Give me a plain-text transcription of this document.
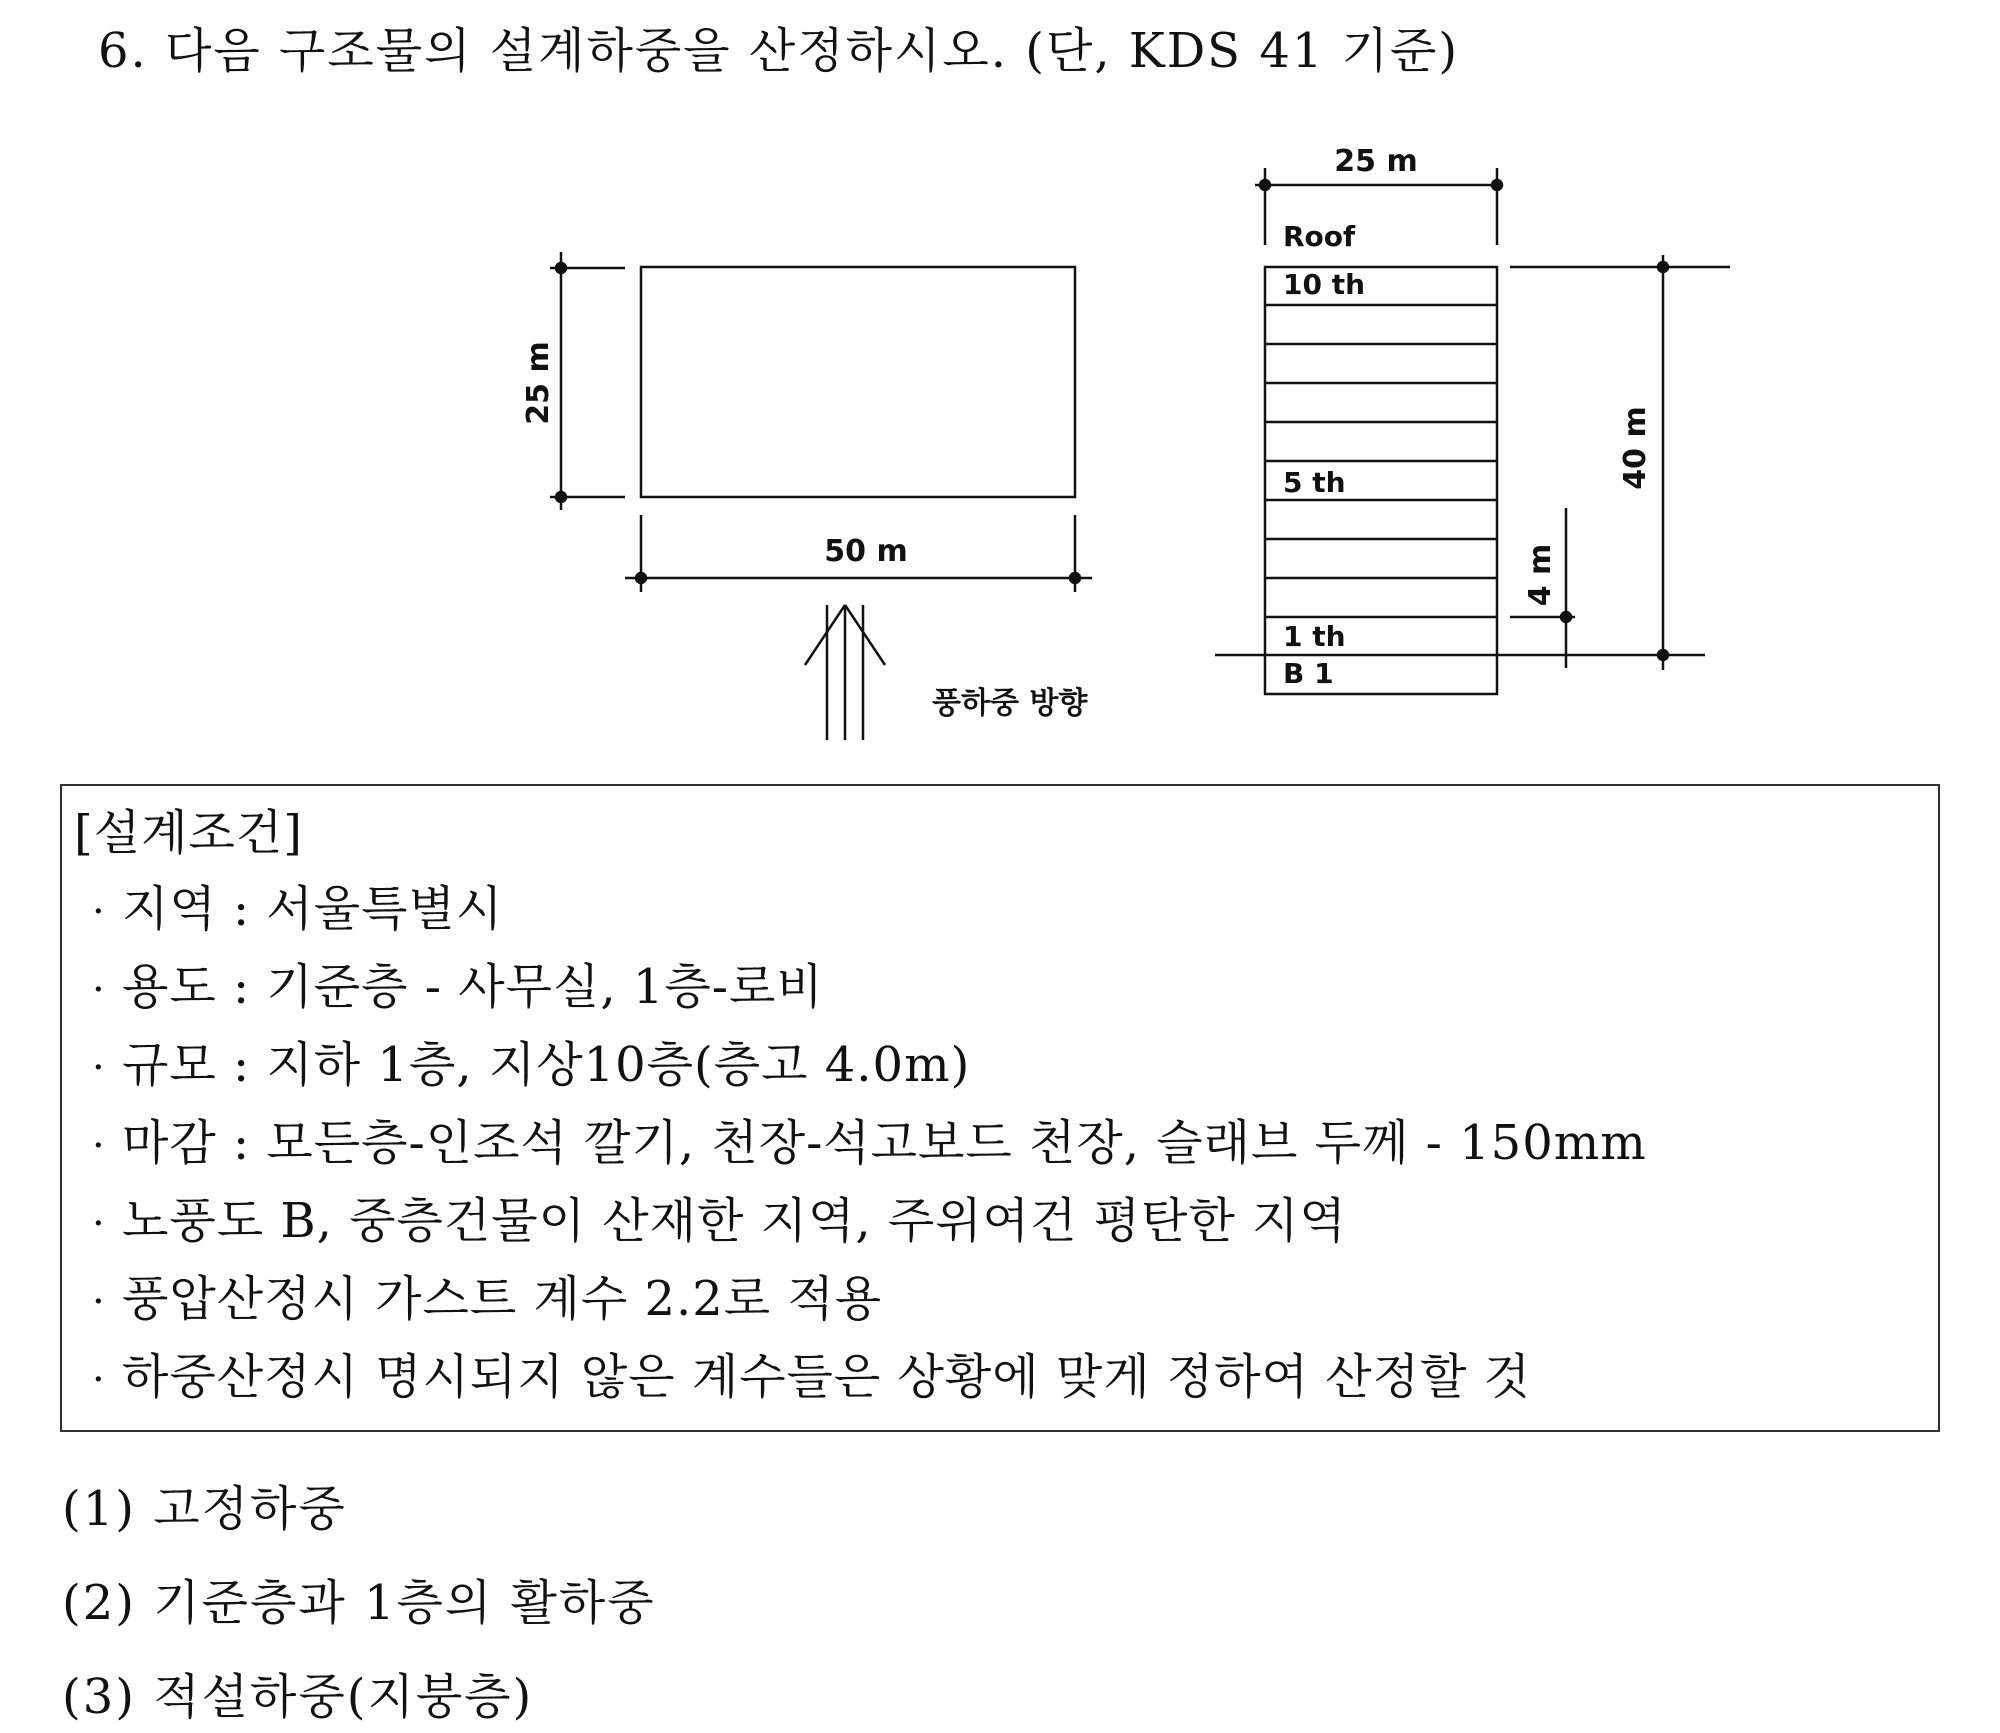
6. 다음 구조물의 설계하중을 산정하시오. (단, KDS 41 기준)
25 m
50 m
풍하중 방향
25 m
Roof
10 th
5 th
1 th
B 1
40 m
4 m
[설계조건]
· 지역 : 서울특별시
· 용도 : 기준층 - 사무실, 1층-로비
· 규모 : 지하 1층, 지상10층(층고 4.0m)
· 마감 : 모든층-인조석 깔기, 천장-석고보드 천장, 슬래브 두께 - 150mm
· 노풍도 B, 중층건물이 산재한 지역, 주위여건 평탄한 지역
· 풍압산정시 가스트 계수 2.2로 적용
· 하중산정시 명시되지 않은 계수들은 상황에 맞게 정하여 산정할 것
(1) 고정하중
(2) 기준층과 1층의 활하중
(3) 적설하중(지붕층)
